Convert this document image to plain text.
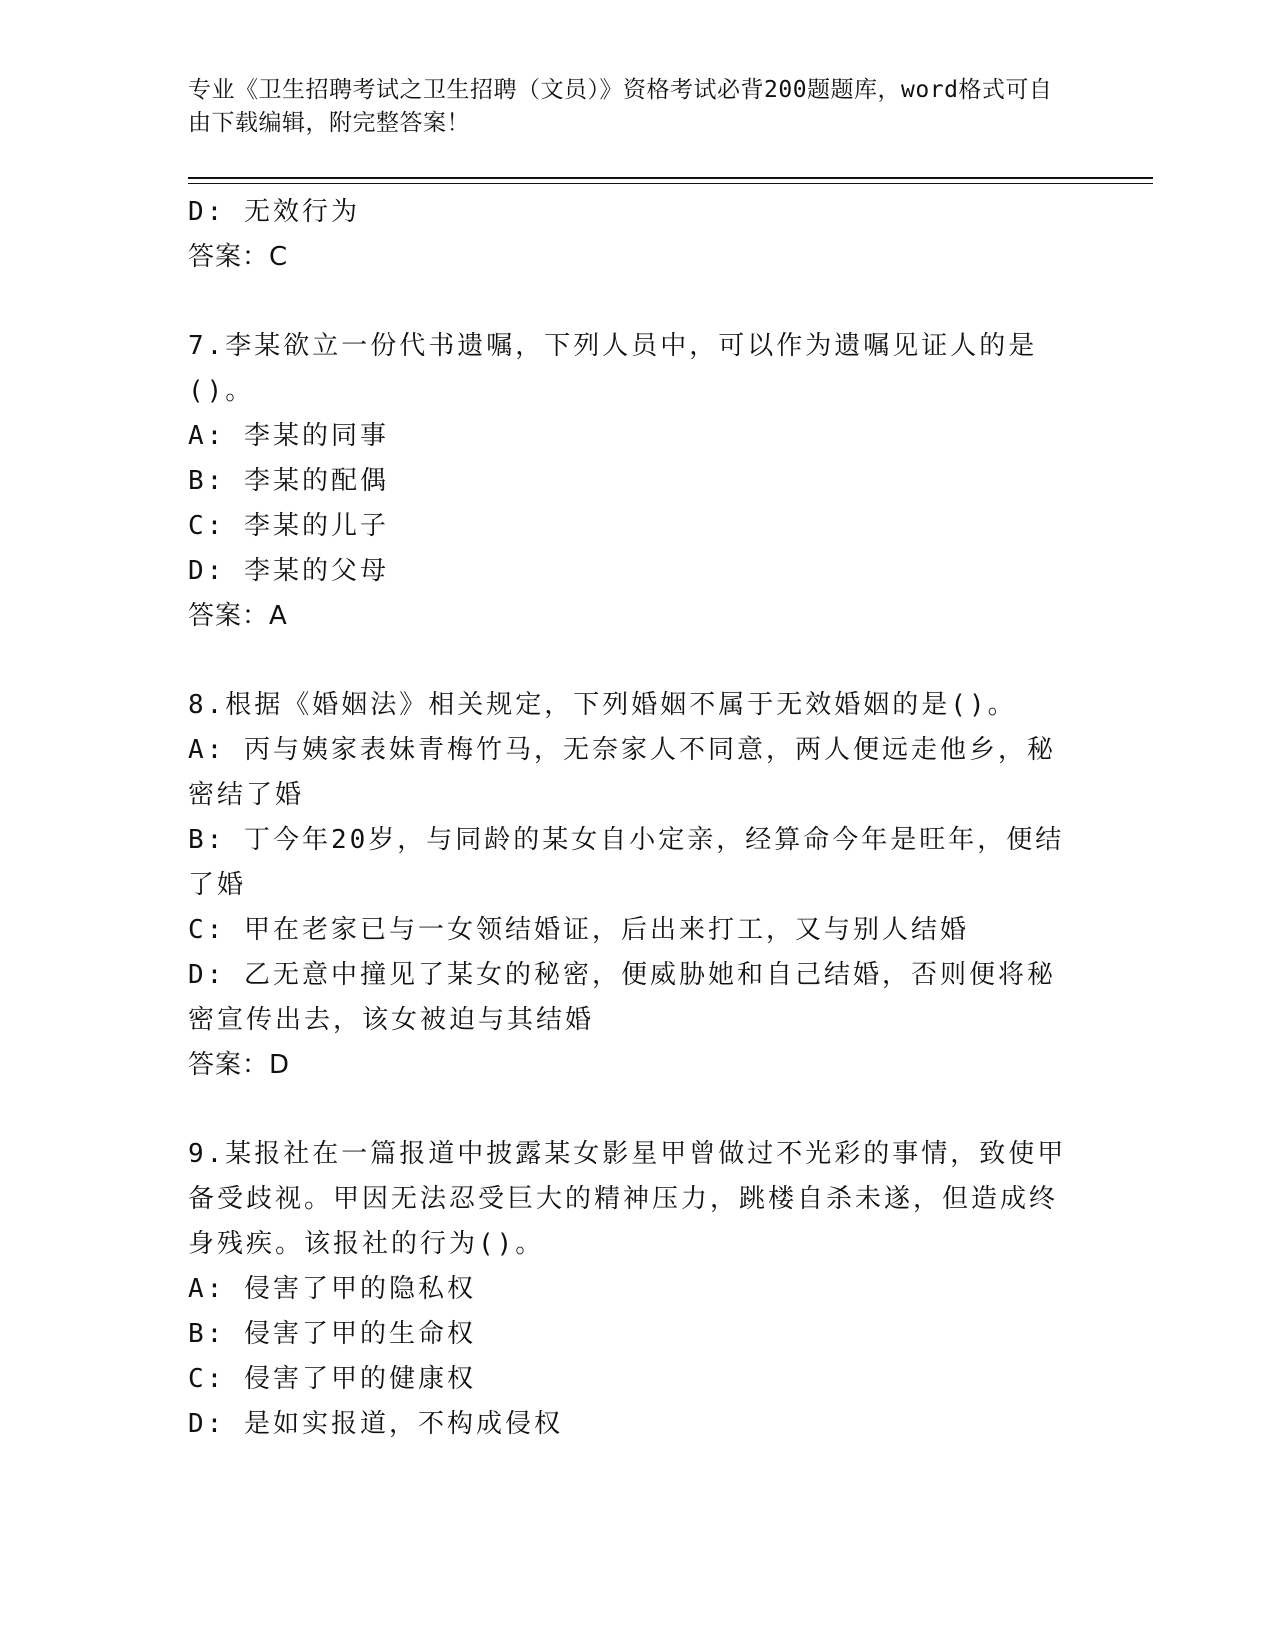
专业《卫生招聘考试之卫生招聘（文员）》资格考试必背200题题库，word格式可自由下载编辑，附完整答案！
D: 无效行为
答案：C
7.李某欲立一份代书遗嘱，下列人员中，可以作为遗嘱见证人的是()。
A: 李某的同事
B: 李某的配偶
C: 李某的儿子
D: 李某的父母
答案：A
8.根据《婚姻法》相关规定，下列婚姻不属于无效婚姻的是()。
A: 丙与姨家表妹青梅竹马，无奈家人不同意，两人便远走他乡，秘密结了婚
B: 丁今年20岁，与同龄的某女自小定亲，经算命今年是旺年，便结了婚
C: 甲在老家已与一女领结婚证，后出来打工，又与别人结婚
D: 乙无意中撞见了某女的秘密，便威胁她和自己结婚，否则便将秘密宣传出去，该女被迫与其结婚
答案：D
9.某报社在一篇报道中披露某女影星甲曾做过不光彩的事情，致使甲备受歧视。甲因无法忍受巨大的精神压力，跳楼自杀未遂，但造成终身残疾。该报社的行为()。
A: 侵害了甲的隐私权
B: 侵害了甲的生命权
C: 侵害了甲的健康权
D: 是如实报道，不构成侵权
